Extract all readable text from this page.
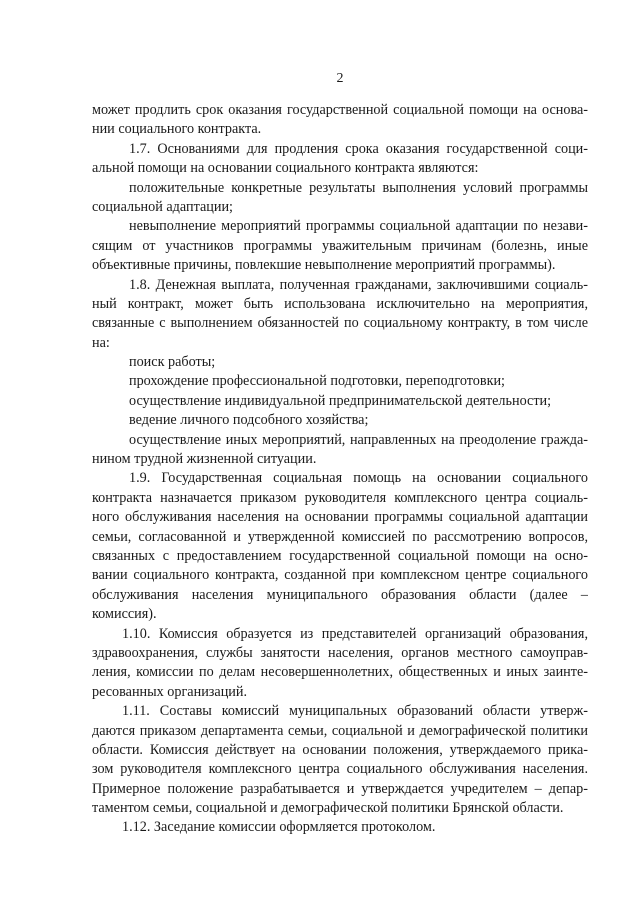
2
может продлить срок оказания государственной социальной помощи на основа-
нии социального контракта.
1.7. Основаниями для продления срока оказания государственной соци-
альной помощи на основании социального контракта являются:
положительные конкретные результаты выполнения условий программы
социальной адаптации;
невыполнение мероприятий программы социальной адаптации по незави-
сящим от участников программы уважительным причинам (болезнь, иные
объективные причины, повлекшие невыполнение мероприятий программы).
1.8. Денежная выплата, полученная гражданами, заключившими социаль-
ный контракт, может быть использована исключительно на мероприятия,
связанные с выполнением обязанностей по социальному контракту, в том числе
на:
поиск работы;
прохождение профессиональной подготовки, переподготовки;
осуществление индивидуальной предпринимательской деятельности;
ведение личного подсобного хозяйства;
осуществление иных мероприятий, направленных на преодоление гражда-
нином трудной жизненной ситуации.
1.9. Государственная социальная помощь на основании социального
контракта назначается приказом руководителя комплексного центра социаль-
ного обслуживания населения на основании программы социальной адаптации
семьи, согласованной и утвержденной комиссией по рассмотрению вопросов,
связанных с предоставлением государственной социальной помощи на осно-
вании социального контракта, созданной при комплексном центре социального
обслуживания населения муниципального образования области (далее –
комиссия).
1.10. Комиссия образуется из представителей организаций образования,
здравоохранения, службы занятости населения, органов местного самоуправ-
ления, комиссии по делам несовершеннолетних, общественных и иных заинте-
ресованных организаций.
1.11. Составы комиссий муниципальных образований области утверж-
даются приказом департамента семьи, социальной и демографической политики
области. Комиссия действует на основании положения, утверждаемого прика-
зом руководителя комплексного центра социального обслуживания населения.
Примерное положение разрабатывается и утверждается учредителем – депар-
таментом семьи, социальной и демографической политики Брянской области.
1.12. Заседание комиссии оформляется протоколом.
